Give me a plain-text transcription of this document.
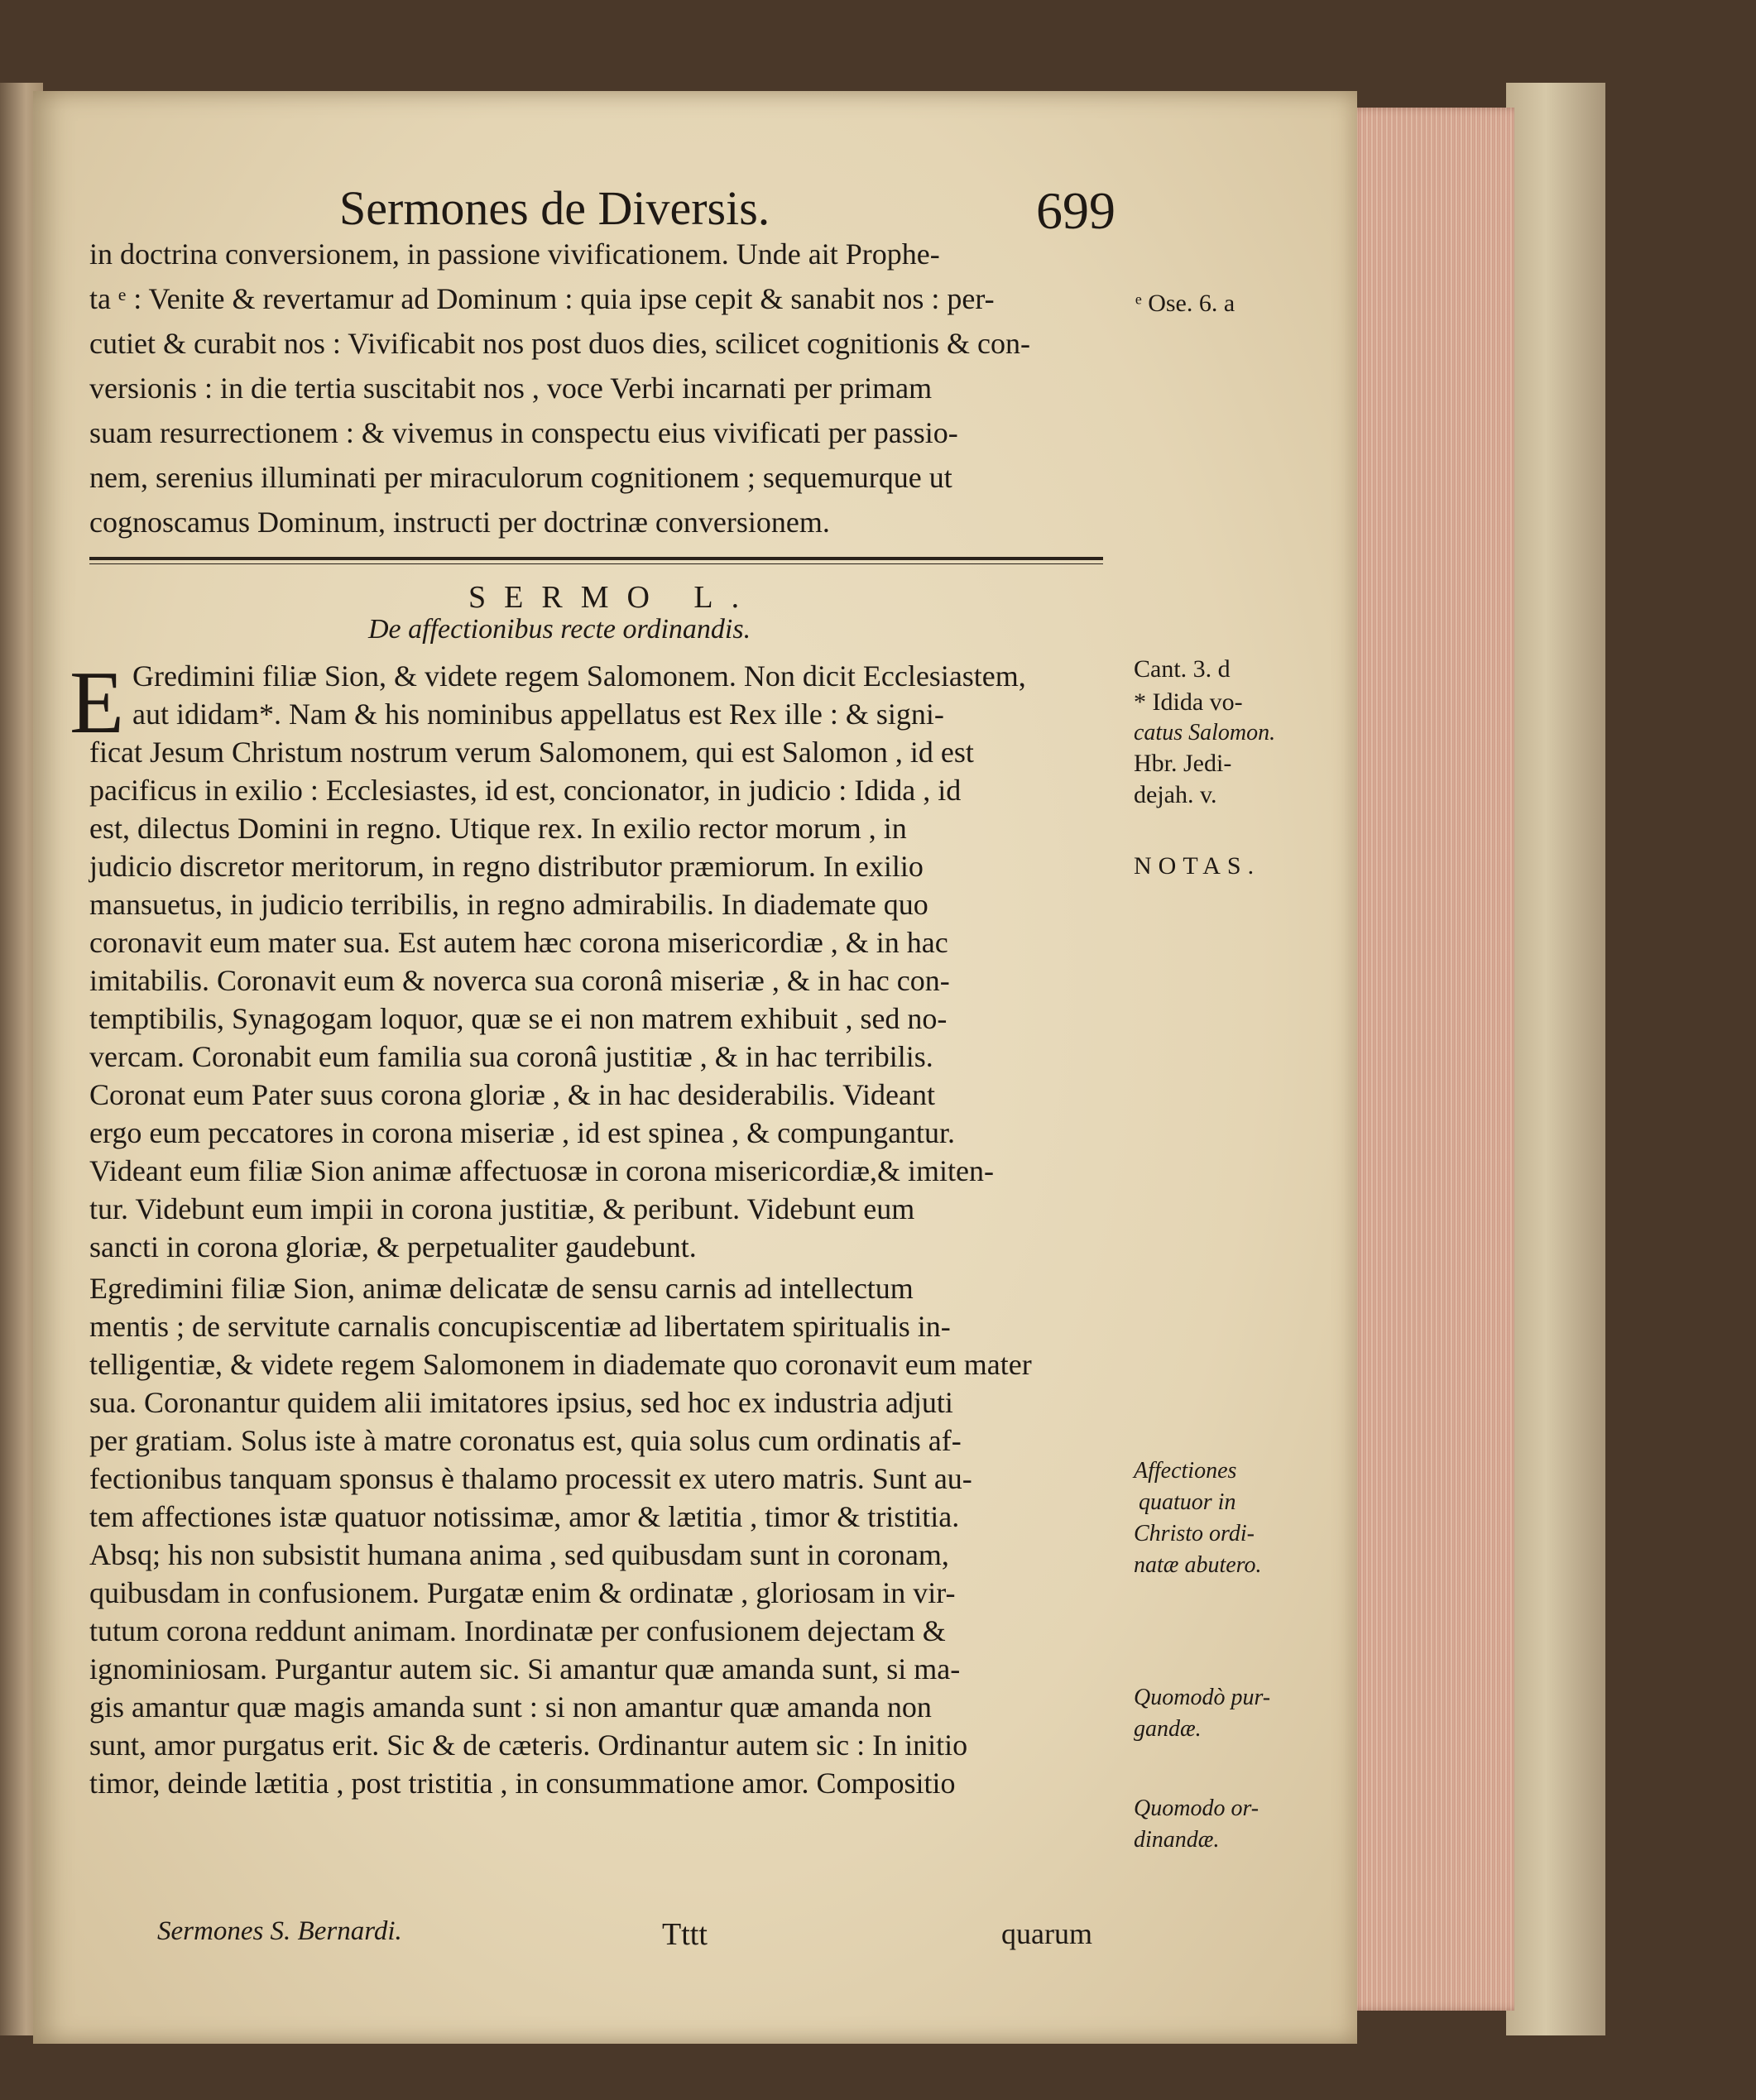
Sermones de Diversis.	699
in doctrina conversionem, in passione vivificationem. Unde ait Prophe-
ta ᵉ : Venite & revertamur ad Dominum : quia ipse cepit & sanabit nos : per-
cutiet & curabit nos : Vivificabit nos post duos dies, scilicet cognitionis & con-
versionis : in die tertia suscitabit nos , voce Verbi incarnati per primam
suam resurrectionem : & vivemus in conspectu eius vivificati per passio-
nem, serenius illuminati per miraculorum cognitionem ; sequemurque ut
cognoscamus Dominum, instructi per doctrinæ conversionem.
SERMO L.
De affectionibus recte ordinandis.
E Gredimini filiæ Sion, & videte regem Salomonem. Non dicit Ecclesiastem,
aut ididam*. Nam & his nominibus appellatus est Rex ille : & signi-
ficat Jesum Christum nostrum verum Salomonem, qui est Salomon , id est
pacificus in exilio : Ecclesiastes, id est, concionator, in judicio : Idida , id
est, dilectus Domini in regno. Utique rex. In exilio rector morum , in
judicio discretor meritorum, in regno distributor præmiorum. In exilio
mansuetus, in judicio terribilis, in regno admirabilis. In diademate quo
coronavit eum mater sua. Est autem hæc corona misericordiæ , & in hac
imitabilis. Coronavit eum & noverca sua coronâ miseriæ , & in hac con-
temptibilis, Synagogam loquor, quæ se ei non matrem exhibuit , sed no-
vercam. Coronabit eum familia sua coronâ justitiæ , & in hac terribilis.
Coronat eum Pater suus corona gloriæ , & in hac desiderabilis. Videant
ergo eum peccatores in corona miseriæ , id est spinea , & compungantur.
Videant eum filiæ Sion animæ affectuosæ in corona misericordiæ,& imiten-
tur. Videbunt eum impii in corona justitiæ, & peribunt. Videbunt eum
sancti in corona gloriæ, & perpetualiter gaudebunt.
Egredimini filiæ Sion, animæ delicatæ de sensu carnis ad intellectum
mentis ; de servitute carnalis concupiscentiæ ad libertatem spiritualis in-
telligentiæ, & videte regem Salomonem in diademate quo coronavit eum mater
sua. Coronantur quidem alii imitatores ipsius, sed hoc ex industria adjuti
per gratiam. Solus iste à matre coronatus est, quia solus cum ordinatis af-
fectionibus tanquam sponsus è thalamo processit ex utero matris. Sunt au-
tem affectiones istæ quatuor notissimæ, amor & lætitia , timor & tristitia.
Absq; his non subsistit humana anima , sed quibusdam sunt in coronam,
quibusdam in confusionem. Purgatæ enim & ordinatæ , gloriosam in vir-
tutum corona reddunt animam. Inordinatæ per confusionem dejectam &
ignominiosam. Purgantur autem sic. Si amantur quæ amanda sunt, si ma-
gis amantur quæ magis amanda sunt : si non amantur quæ amanda non
sunt, amor purgatus erit. Sic & de cæteris. Ordinantur autem sic : In initio
timor, deinde lætitia , post tristitia , in consummatione amor. Compositio
ᵉ Ose. 6. a
Cant. 3. d
* Idida vo-
catus Salomon.
Hbr. Jedi-
dejah. v.
NOTAS.
Affectiones
quatuor in
Christo ordi-
natæ abutero.
Quomodò pur-
gandæ.
Quomodo or-
dinandæ.
Sermones S. Bernardi.	Tttt	quarum
